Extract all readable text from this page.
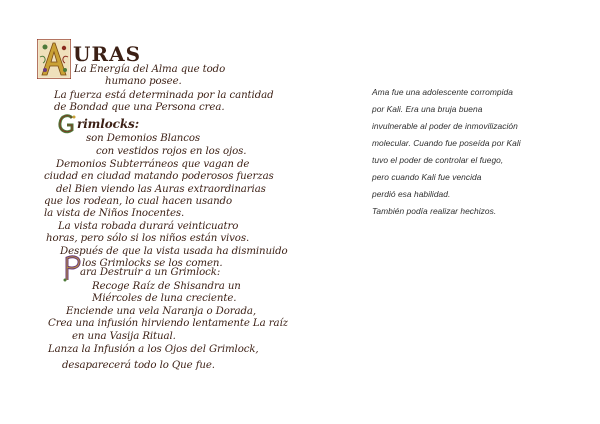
URAS
La Energía del Alma que todo
humano posee.
La fuerza está determinada por la cantidad
de Bondad que una Persona crea.
rimlocks:
son Demonios Blancos
con vestidos rojos en los ojos.
Demonios Subterráneos que vagan de
ciudad en ciudad matando poderosos fuerzas
del Bien viendo las Auras extraordinarias
que los rodean, lo cual hacen usando
la vista de Niños Inocentes.
La vista robada durará veinticuatro
horas, pero sólo si los niños están vivos.
Después de que la vista usada ha disminuido
los Grimlocks se los comen.
ara Destruir a un Grimlock:
Recoge Raíz de Shisandra un
Miércoles de luna creciente.
Enciende una vela Naranja o Dorada,
Crea una infusión hirviendo lentamente La raíz
en una Vasija Ritual.
Lanza la Infusión a los Ojos del Grimlock,
desaparecerá todo lo Que fue.
Ama fue una adolescente corrompida
por Kali. Era una bruja buena
invulnerable al poder de inmovilización
molecular. Cuando fue poseída por Kali
tuvo el poder de controlar el fuego,
pero cuando Kali fue vencida
perdió esa habilidad.
También podía realizar hechizos.
